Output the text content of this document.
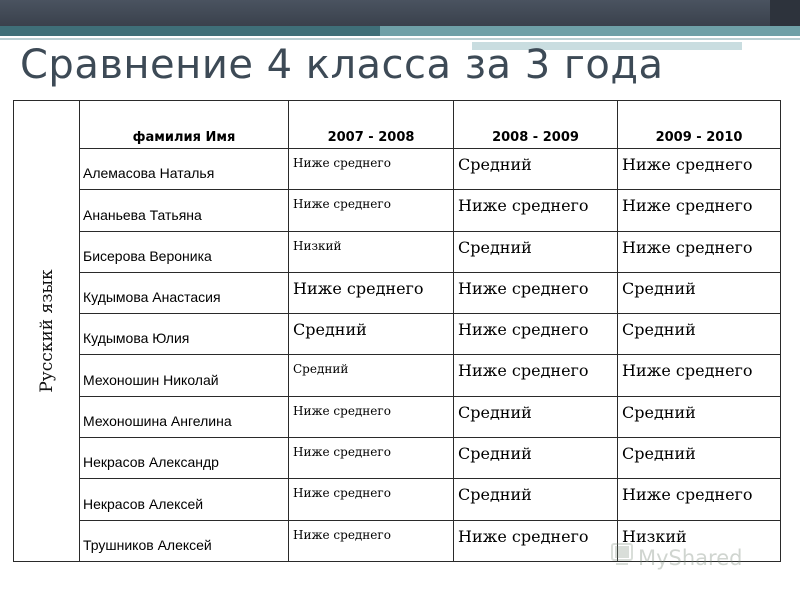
Сравнение 4 класса за 3 года
Русский язык	фамилия Имя	2007 - 2008	2008 - 2009	2009 - 2010
	Алемасова Наталья	Ниже среднего	Средний	Ниже среднего
	Ананьева Татьяна	Ниже среднего	Ниже среднего	Ниже среднего
	Бисерова Вероника	Низкий	Средний	Ниже среднего
	Кудымова Анастасия	Ниже среднего	Ниже среднего	Средний
	Кудымова Юлия	Средний	Ниже среднего	Средний
	Мехоношин Николай	Средний	Ниже среднего	Ниже среднего
	Мехоношина Ангелина	Ниже среднего	Средний	Средний
	Некрасов Александр	Ниже среднего	Средний	Средний
	Некрасов Алексей	Ниже среднего	Средний	Ниже среднего
	Трушников Алексей	Ниже среднего	Ниже среднего	Низкий
MyShared
